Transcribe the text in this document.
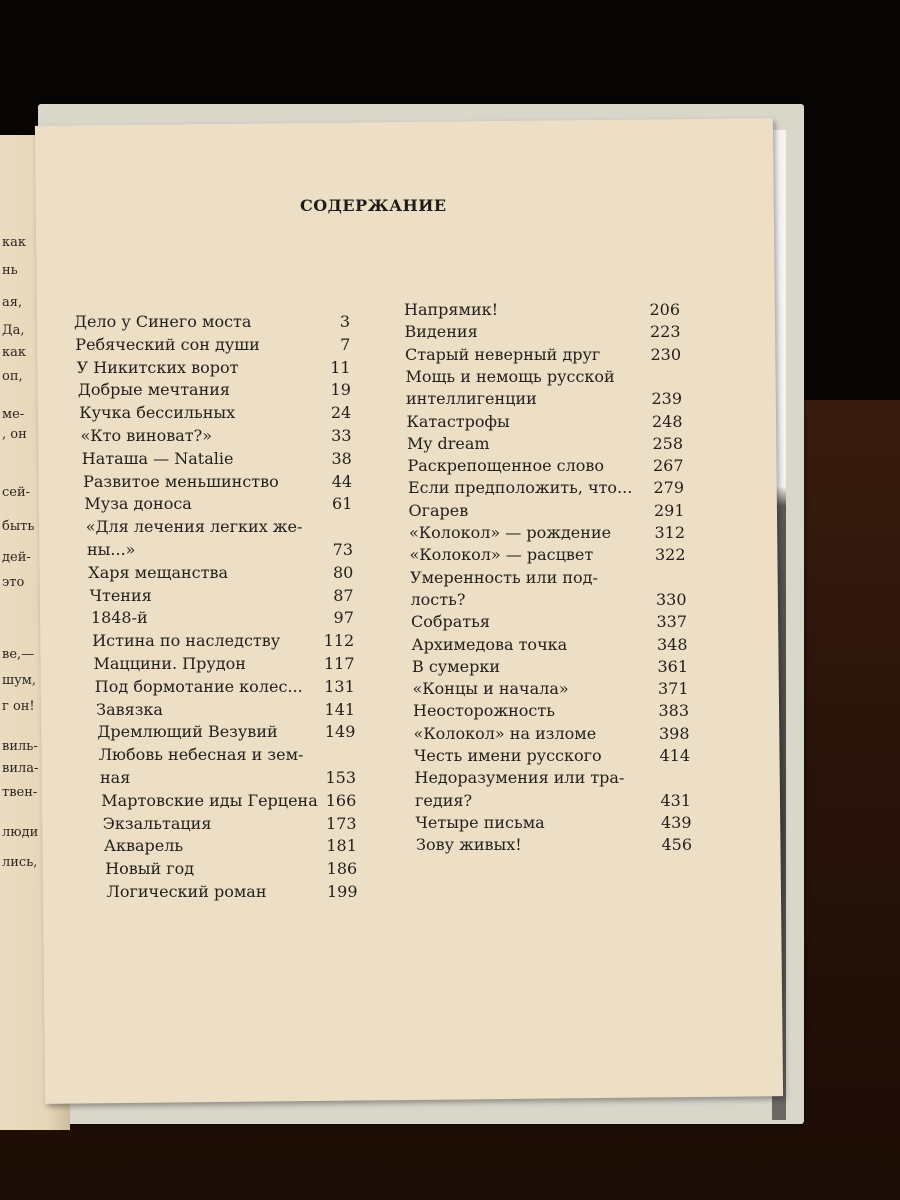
как
нь
ая,
Да,
как
оп,
ме-
, он
сей-
быть
дей-
это
ве,—
шум,
г он!
виль-
вила-
твен-
люди
лись,
СОДЕРЖАНИЕ
Дело у Синего моста	3
Ребяческий сон души	7
У Никитских ворот	11
Добрые мечтания	19
Кучка бессильных	24
«Кто виноват?»	33
Наташа — Natalie	38
Развитое меньшинство	44
Муза доноса	61
«Для лечения легких же-
ны...»	73
Харя мещанства	80
Чтения	87
1848-й	97
Истина по наследству	112
Маццини. Прудон	117
Под бормотание колес...	131
Завязка	141
Дремлющий Везувий	149
Любовь небесная и зем-
ная	153
Мартовские иды Герцена 166
Экзальтация	173
Акварель	181
Новый год	186
Логический роман	199
Напрямик!	206
Видения	223
Старый неверный друг	230
Мощь и немощь русской
интеллигенции	239
Катастрофы	248
My dream	258
Раскрепощенное слово	267
Если предположить, что...	279
Огарев	291
«Колокол» — рождение	312
«Колокол» — расцвет	322
Умеренность или под-
лость?	330
Собратья	337
Архимедова точка	348
В сумерки	361
«Концы и начала»	371
Неосторожность	383
«Колокол» на изломе	398
Честь имени русского	414
Недоразумения или тра-
гедия?	431
Четыре письма	439
Зову живых!	456
